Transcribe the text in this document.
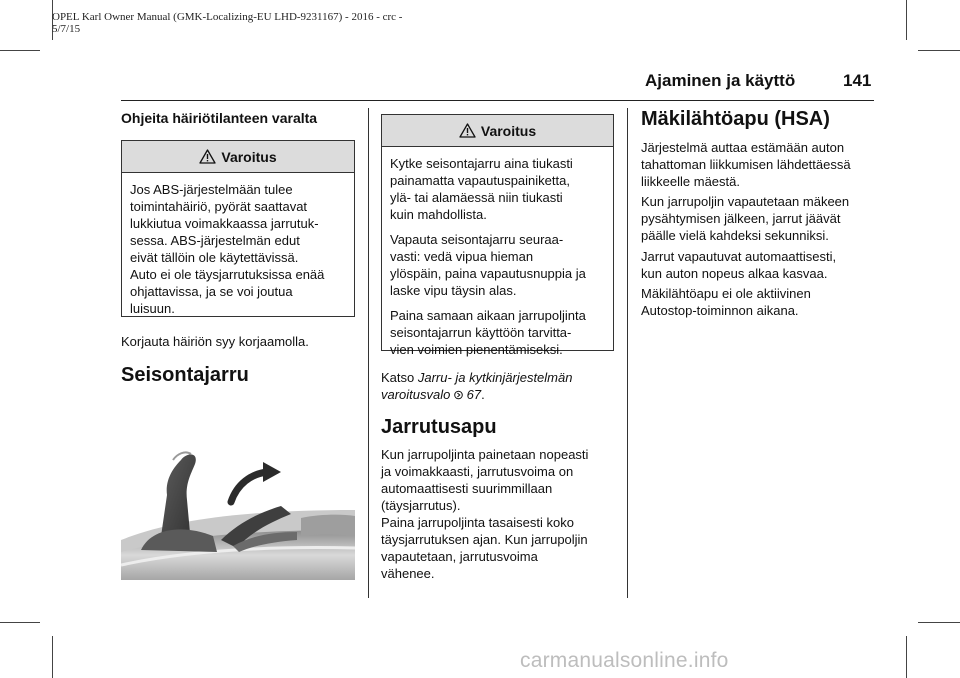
OPEL Karl Owner Manual (GMK-Localizing-EU LHD-9231167) - 2016 - crc -
5/7/15
Ajaminen ja käyttö	141
Ohjeita häiriötilanteen varalta
Varoitus
Jos ABS-järjestelmään tulee
toimintahäiriö, pyörät saattavat
lukkiutua voimakkaassa jarrutuk-
sessa. ABS-järjestelmän edut
eivät tällöin ole käytettävissä.
Auto ei ole täysjarrutuksissa enää
ohjattavissa, ja se voi joutua
luisuun.
Korjauta häiriön syy korjaamolla.
Seisontajarru
Varoitus

Kytke seisontajarru aina tiukasti
painamatta vapautuspainiketta,
ylä- tai alamäessä niin tiukasti
kuin mahdollista.

Vapauta seisontajarru seuraa-
vasti: vedä vipua hieman
ylöspäin, paina vapautusnuppia ja
laske vipu täysin alas.

Paina samaan aikaan jarrupoljinta
seisontajarrun käyttöön tarvitta-
vien voimien pienentämiseksi.

Katso Jarru- ja kytkinjärjestelmän
varoitusvalo 67.
Jarrutusapu
Kun jarrupoljinta painetaan nopeasti
ja voimakkaasti, jarrutusvoima on
automaattisesti suurimmillaan
(täysjarrutus).
Paina jarrupoljinta tasaisesti koko
täysjarrutuksen ajan. Kun jarrupoljin
vapautetaan, jarrutusvoima
vähenee.
Mäkilähtöapu (HSA)
Järjestelmä auttaa estämään auton
tahattoman liikkumisen lähdettäessä
liikkeelle mäestä.
Kun jarrupoljin vapautetaan mäkeen
pysähtymisen jälkeen, jarrut jäävät
päälle vielä kahdeksi sekunniksi.
Jarrut vapautuvat automaattisesti,
kun auton nopeus alkaa kasvaa.
Mäkilähtöapu ei ole aktiivinen
Autostop-toiminnon aikana.
carmanualsonline.info
